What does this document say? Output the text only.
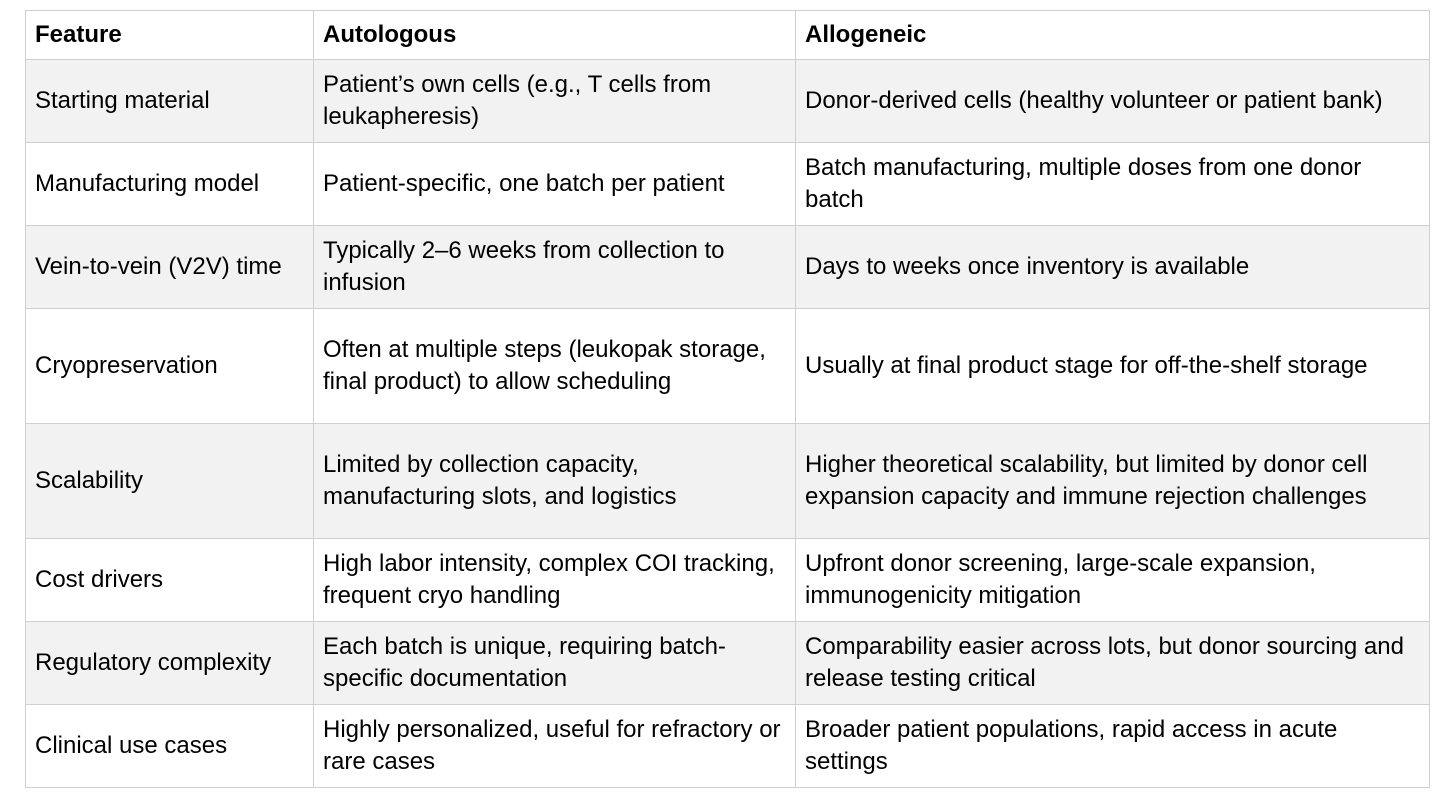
Feature	Autologous	Allogeneic
Starting material	Patient’s own cells (e.g., T cells from leukapheresis)	Donor-derived cells (healthy volunteer or patient bank)
Manufacturing model	Patient-specific, one batch per patient	Batch manufacturing, multiple doses from one donor batch
Vein-to-vein (V2V) time	Typically 2–6 weeks from collection to infusion	Days to weeks once inventory is available
Cryopreservation	Often at multiple steps (leukopak storage, final product) to allow scheduling	Usually at final product stage for off-the-shelf storage
Scalability	Limited by collection capacity, manufacturing slots, and logistics	Higher theoretical scalability, but limited by donor cell expansion capacity and immune rejection challenges
Cost drivers	High labor intensity, complex COI tracking, frequent cryo handling	Upfront donor screening, large-scale expansion, immunogenicity mitigation
Regulatory complexity	Each batch is unique, requiring batch-specific documentation	Comparability easier across lots, but donor sourcing and release testing critical
Clinical use cases	Highly personalized, useful for refractory or rare cases	Broader patient populations, rapid access in acute settings
